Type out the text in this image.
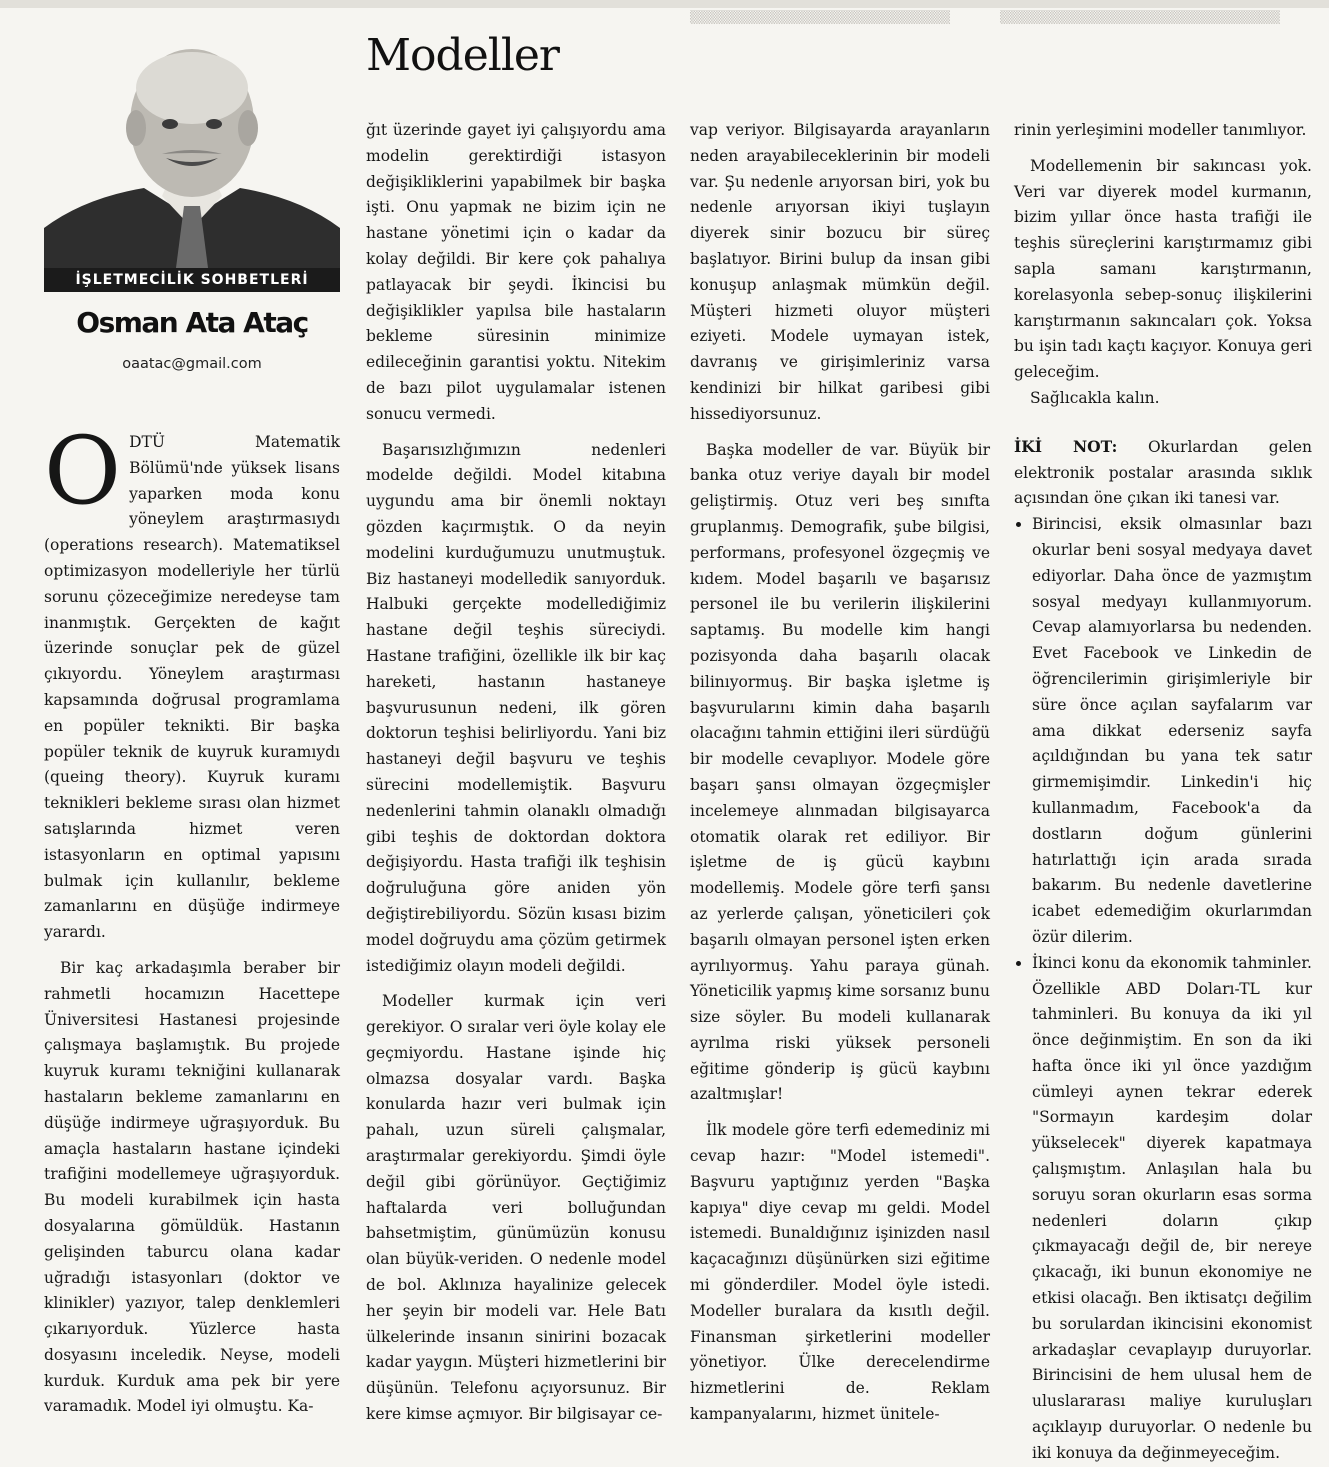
▒▒▒▒▒▒▒▒▒▒▒▒▒▒▒▒▒▒▒▒▒▒▒▒▒▒	▒▒▒▒▒▒▒▒▒▒▒▒▒▒▒▒▒▒▒▒▒▒▒▒▒▒▒▒
Modeller
İŞLETMECİLİK SOHBETLERİ
Osman Ata Ataç
oaatac@gmail.com

ODTÜ Matematik Bölümü'nde yüksek lisans yaparken moda konu yöneylem araştırmasıydı (operations research). Matematiksel optimizasyon modelleriyle her türlü sorunu çözeceğimize neredeyse tam inanmıştık. Gerçekten de kağıt üzerinde sonuçlar pek de güzel çıkıyordu. Yöneylem araştırması kapsamında doğrusal programlama en popüler teknikti. Bir başka popüler teknik de kuyruk kuramıydı (queing theory). Kuyruk kuramı teknikleri bekleme sırası olan hizmet satışlarında hizmet veren istasyonların en optimal yapısını bulmak için kullanılır, bekleme zamanlarını en düşüğe indirmeye yarardı.

Bir kaç arkadaşımla beraber bir rahmetli hocamızın Hacettepe Üniversitesi Hastanesi projesinde çalışmaya başlamıştık. Bu projede kuyruk kuramı tekniğini kullanarak hastaların bekleme zamanlarını en düşüğe indirmeye uğraşıyorduk. Bu amaçla hastaların hastane içindeki trafiğini modellemeye uğraşıyorduk. Bu modeli kurabilmek için hasta dosyalarına gömüldük. Hastanın gelişinden taburcu olana kadar uğradığı istasyonları (doktor ve klinikler) yazıyor, talep denklemleri çıkarıyorduk. Yüzlerce hasta dosyasını inceledik. Neyse, modeli kurduk. Kurduk ama pek bir yere varamadık. Model iyi olmuştu. Ka-

ğıt üzerinde gayet iyi çalışıyordu ama modelin gerektirdiği istasyon değişikliklerini yapabilmek bir başka işti. Onu yapmak ne bizim için ne hastane yönetimi için o kadar da kolay değildi. Bir kere çok pahalıya patlayacak bir şeydi. İkincisi bu değişiklikler yapılsa bile hastaların bekleme süresinin minimize edileceğinin garantisi yoktu. Nitekim de bazı pilot uygulamalar istenen sonucu vermedi.

Başarısızlığımızın nedenleri modelde değildi. Model kitabına uygundu ama bir önemli noktayı gözden kaçırmıştık. O da neyin modelini kurduğumuzu unutmuştuk. Biz hastaneyi modelledik sanıyorduk. Halbuki gerçekte modellediğimiz hastane değil teşhis süreciydi. Hastane trafiğini, özellikle ilk bir kaç hareketi, hastanın hastaneye başvurusunun nedeni, ilk gören doktorun teşhisi belirliyordu. Yani biz hastaneyi değil başvuru ve teşhis sürecini modellemiştik. Başvuru nedenlerini tahmin olanaklı olmadığı gibi teşhis de doktordan doktora değişiyordu. Hasta trafiği ilk teşhisin doğruluğuna göre aniden yön değiştirebiliyordu. Sözün kısası bizim model doğruydu ama çözüm getirmek istediğimiz olayın modeli değildi.

Modeller kurmak için veri gerekiyor. O sıralar veri öyle kolay ele geçmiyordu. Hastane işinde hiç olmazsa dosyalar vardı. Başka konularda hazır veri bulmak için pahalı, uzun süreli çalışmalar, araştırmalar gerekiyordu. Şimdi öyle değil gibi görünüyor. Geçtiğimiz haftalarda veri bolluğundan bahsetmiştim, günümüzün konusu olan büyük-veriden. O nedenle model de bol. Aklınıza hayalinize gelecek her şeyin bir modeli var. Hele Batı ülkelerinde insanın sinirini bozacak kadar yaygın. Müşteri hizmetlerini bir düşünün. Telefonu açıyorsunuz. Bir kere kimse açmıyor. Bir bilgisayar ce-

vap veriyor. Bilgisayarda arayanların neden arayabileceklerinin bir modeli var. Şu nedenle arıyorsan biri, yok bu nedenle arıyorsan ikiyi tuşlayın diyerek sinir bozucu bir süreç başlatıyor. Birini bulup da insan gibi konuşup anlaşmak mümkün değil. Müşteri hizmeti oluyor müşteri eziyeti. Modele uymayan istek, davranış ve girişimleriniz varsa kendinizi bir hilkat garibesi gibi hissediyorsunuz.

Başka modeller de var. Büyük bir banka otuz veriye dayalı bir model geliştirmiş. Otuz veri beş sınıfta gruplanmış. Demografik, şube bilgisi, performans, profesyonel özgeçmiş ve kıdem. Model başarılı ve başarısız personel ile bu verilerin ilişkilerini saptamış. Bu modelle kim hangi pozisyonda daha başarılı olacak bilinıyormuş. Bir başka işletme iş başvurularını kimin daha başarılı olacağını tahmin ettiğini ileri sürdüğü bir modelle cevaplıyor. Modele göre başarı şansı olmayan özgeçmişler incelemeye alınmadan bilgisayarca otomatik olarak ret ediliyor. Bir işletme de iş gücü kaybını modellemiş. Modele göre terfi şansı az yerlerde çalışan, yöneticileri çok başarılı olmayan personel işten erken ayrılıyormuş. Yahu paraya günah. Yöneticilik yapmış kime sorsanız bunu size söyler. Bu modeli kullanarak ayrılma riski yüksek personeli eğitime gönderip iş gücü kaybını azaltmışlar!

İlk modele göre terfi edemediniz mi cevap hazır: "Model istemedi". Başvuru yaptığınız yerden "Başka kapıya" diye cevap mı geldi. Model istemedi. Bunaldığınız işinizden nasıl kaçacağınızı düşünürken sizi eğitime mi gönderdiler. Model öyle istedi. Modeller buralara da kısıtlı değil. Finansman şirketlerini modeller yönetiyor. Ülke derecelendirme hizmetlerini de. Reklam kampanyalarını, hizmet ünitele-

rinin yerleşimini modeller tanımlıyor.

Modellemenin bir sakıncası yok. Veri var diyerek model kurmanın, bizim yıllar önce hasta trafiği ile teşhis süreçlerini karıştırmamız gibi sapla samanı karıştırmanın, korelasyonla sebep-sonuç ilişkilerini karıştırmanın sakıncaları çok. Yoksa bu işin tadı kaçtı kaçıyor. Konuya geri geleceğim.

Sağlıcakla kalın.

İKİ NOT: Okurlardan gelen elektronik postalar arasında sıklık açısından öne çıkan iki tanesi var.

• Birincisi, eksik olmasınlar bazı okurlar beni sosyal medyaya davet ediyorlar. Daha önce de yazmıştım sosyal medyayı kullanmıyorum. Cevap alamıyorlarsa bu nedenden. Evet Facebook ve Linkedin de öğrencilerimin girişimleriyle bir süre önce açılan sayfalarım var ama dikkat ederseniz sayfa açıldığından bu yana tek satır girmemişimdir. Linkedin'i hiç kullanmadım, Facebook'a da dostların doğum günlerini hatırlattığı için arada sırada bakarım. Bu nedenle davetlerine icabet edemediğim okurlarımdan özür dilerim.
• İkinci konu da ekonomik tahminler. Özellikle ABD Doları-TL kur tahminleri. Bu konuya da iki yıl önce değinmiştim. En son da iki hafta önce iki yıl önce yazdığım cümleyi aynen tekrar ederek "Sormayın kardeşim dolar yükselecek" diyerek kapatmaya çalışmıştım. Anlaşılan hala bu soruyu soran okurların esas sorma nedenleri doların çıkıp çıkmayacağı değil de, bir nereye çıkacağı, iki bunun ekonomiye ne etkisi olacağı. Ben iktisatçı değilim bu sorulardan ikincisini ekonomist arkadaşlar cevaplayıp duruyorlar. Birincisini de hem ulusal hem de uluslararası maliye kuruluşları açıklayıp duruyorlar. O nedenle bu iki konuya da değinmeyeceğim.
